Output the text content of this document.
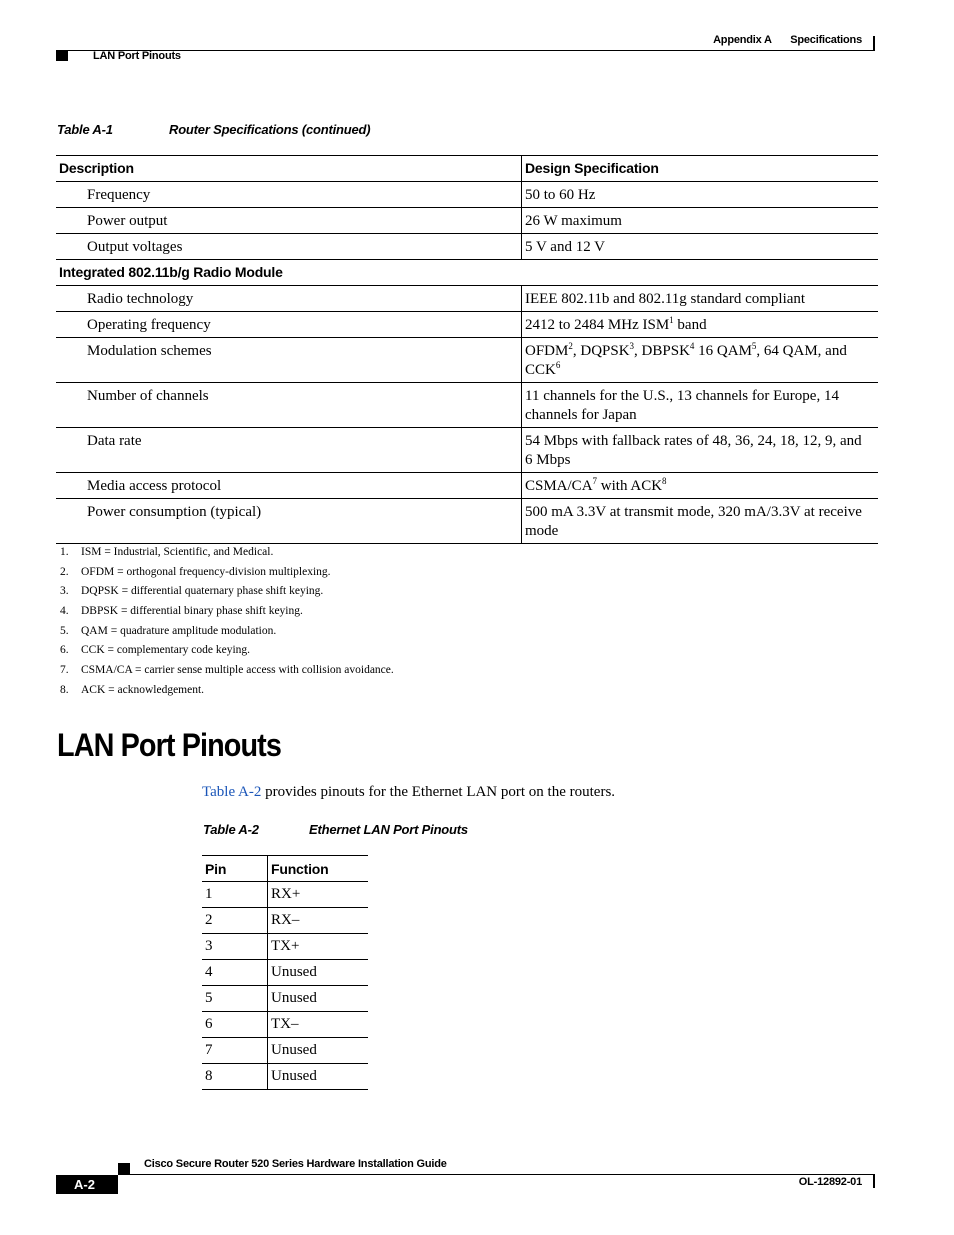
Appendix A Specifications
LAN Port Pinouts
Table A-1	Router Specifications (continued)
Description	Design Specification
Frequency	50 to 60 Hz
Power output	26 W maximum
Output voltages	5 V and 12 V
Integrated 802.11b/g Radio Module	
Radio technology	IEEE 802.11b and 802.11g standard compliant
Operating frequency	2412 to 2484 MHz ISM$^1$ band
Modulation schemes	OFDM$^2$, DQPSK$^3$, DBPSK$^4$ 16 QAM$^5$, 64 QAM, and CCK$^6$
Number of channels	11 channels for the U.S., 13 channels for Europe, 14 channels for Japan
Data rate	54 Mbps with fallback rates of 48, 36, 24, 18, 12, 9, and 6 Mbps
Media access protocol	CSMA/$CA^7$ with ACK$^8$
Power consumption (typical)	500 mA 3.3V at transmit mode, 320 mA/3.3V at receive mode
1. ISM = Industrial, Scientific, and Medical.
2. OFDM = orthogonal frequency-division multiplexing.
3. DQPSK = differential quaternary phase shift keying.
4. DBPSK = differential binary phase shift keying.
5. QAM = quadrature amplitude modulation.
6. CCK = complementary code keying.
7. CSMA/CA = carrier sense multiple access with collision avoidance.
8. ACK = acknowledgement.
LAN Port Pinouts

Table A-2 provides pinouts for the Ethernet LAN port on the routers.

Table A-2	Ethernet LAN Port Pinouts
Pin	Function
1	RX+
2	RX–
3	TX+
4	Unused
5	Unused
6	TX–
7	Unused
8	Unused
Cisco Secure Router 520 Series Hardware Installation Guide
A-2	OL-12892-01
